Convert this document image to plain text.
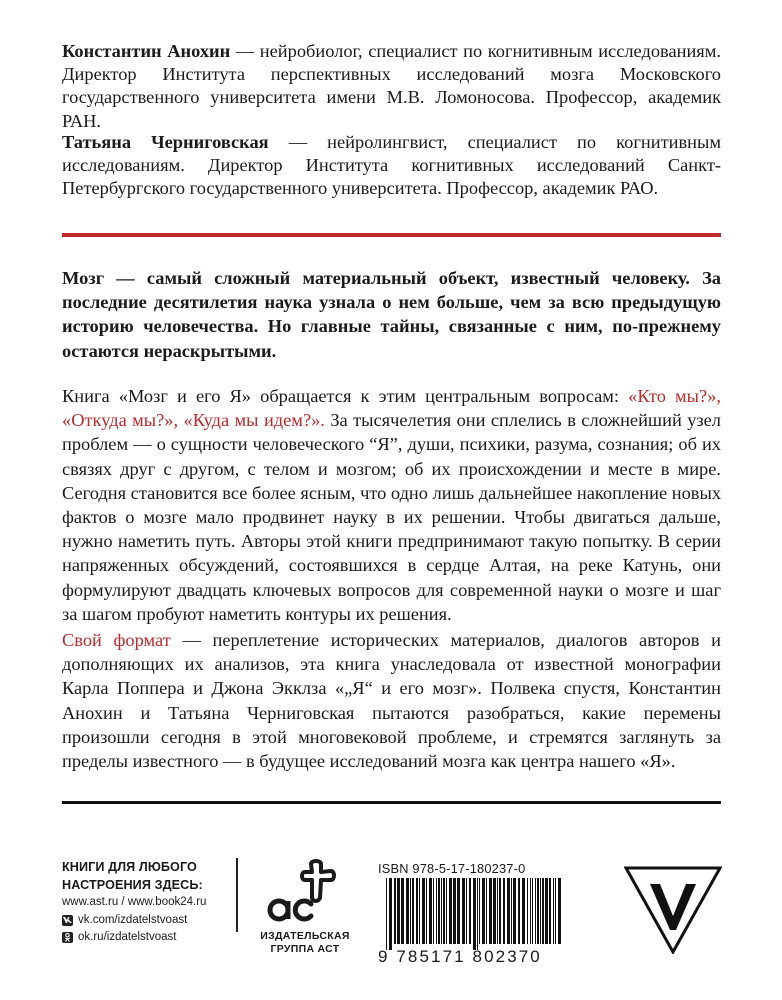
Константин Анохин — нейробиолог, специалист по когнитивным исследованиям. Директор Института перспективных исследований мозга Московского государственного университета имени М.В. Ломоносова. Профессор, академик РАН.

Татьяна Черниговская — нейролингвист, специалист по когнитивным исследованиям. Директор Института когнитивных исследований Санкт-Петербургского государственного университета. Профессор, академик РАО.

Мозг — самый сложный материальный объект, известный человеку. За последние десятилетия наука узнала о нем больше, чем за всю предыдущую историю человечества. Но главные тайны, связанные с ним, по-прежнему остаются нераскрытыми.

Книга «Мозг и его Я» обращается к этим центральным вопросам: «Кто мы?», «Откуда мы?», «Куда мы идем?». За тысячелетия они сплелись в сложнейший узел проблем — о сущности человеческого “Я”, души, психики, разума, сознания; об их связях друг с другом, с телом и мозгом; об их происхождении и месте в мире. Сегодня становится все более ясным, что одно лишь дальнейшее накопление новых фактов о мозге мало продвинет науку в их решении. Чтобы двигаться дальше, нужно наметить путь. Авторы этой книги предпринимают такую попытку. В серии напряженных обсуждений, состоявшихся в сердце Алтая, на реке Катунь, они формулируют двадцать ключевых вопросов для современной науки о мозге и шаг за шагом пробуют наметить контуры их решения.

Свой формат — переплетение исторических материалов, диалогов авторов и дополняющих их анализов, эта книга унаследовала от известной монографии Карла Поппера и Джона Экклза «„Я“ и его мозг». Полвека спустя, Константин Анохин и Татьяна Черниговская пытаются разобраться, какие перемены произошли сегодня в этой многовековой проблеме, и стремятся заглянуть за пределы известного — в будущее исследований мозга как центра нашего «Я».

КНИГИ ДЛЯ ЛЮБОГО
НАСТРОЕНИЯ ЗДЕСЬ:
www.ast.ru / www.book24.ru
vk.com/izdatelstvoast
ok.ru/izdatelstvoast	ИЗДАТЕЛЬСКАЯ
ГРУППА АСТ
ISBN 978-5-17-180237-0
9 785171 802370
